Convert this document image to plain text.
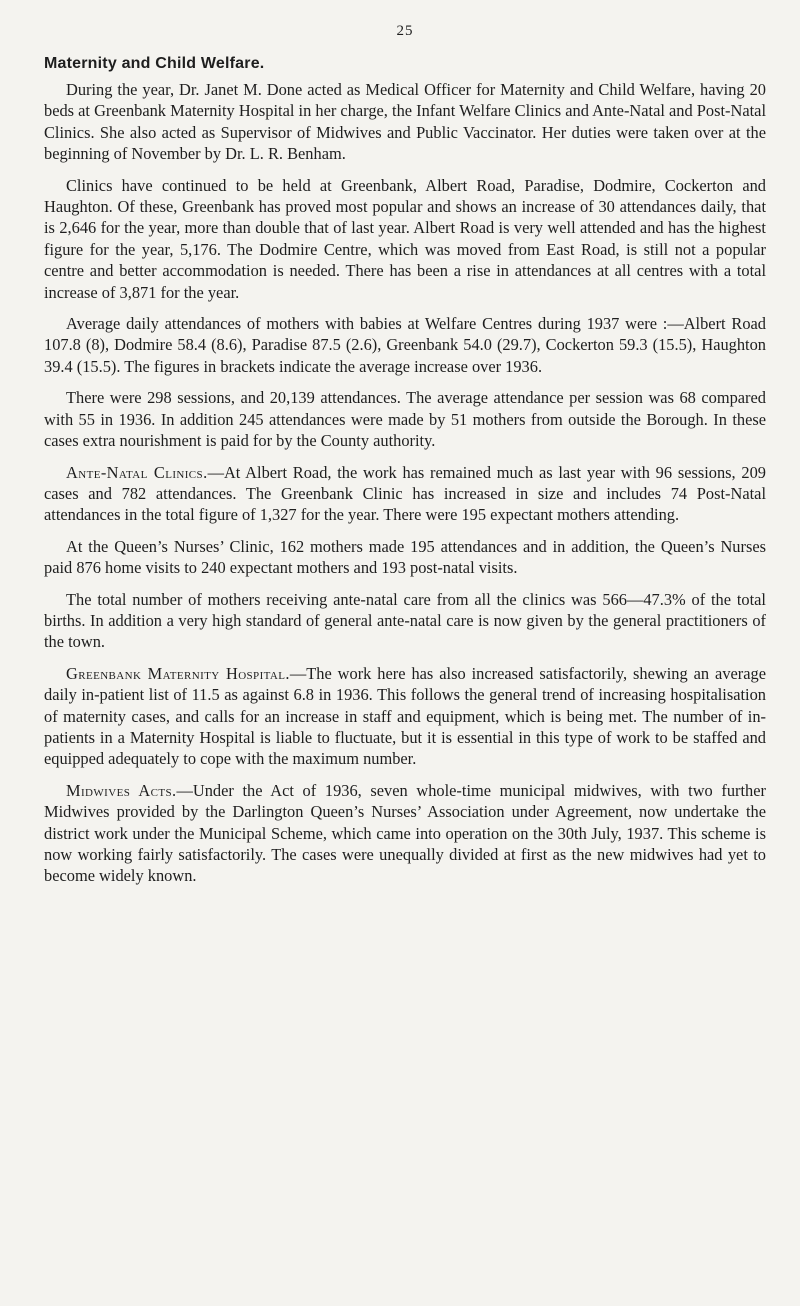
25
Maternity and Child Welfare.

During the year, Dr. Janet M. Done acted as Medical Officer for Maternity and Child Welfare, having 20 beds at Greenbank Maternity Hospital in her charge, the Infant Welfare Clinics and Ante-Natal and Post-Natal Clinics. She also acted as Supervisor of Midwives and Public Vaccinator. Her duties were taken over at the beginning of November by Dr. L. R. Benham.

Clinics have continued to be held at Greenbank, Albert Road, Paradise, Dodmire, Cockerton and Haughton. Of these, Greenbank has proved most popular and shows an increase of 30 attendances daily, that is 2,646 for the year, more than double that of last year. Albert Road is very well attended and has the highest figure for the year, 5,176. The Dodmire Centre, which was moved from East Road, is still not a popular centre and better accommodation is needed. There has been a rise in attendances at all centres with a total increase of 3,871 for the year.

Average daily attendances of mothers with babies at Welfare Centres during 1937 were :—Albert Road 107.8 (8), Dodmire 58.4 (8.6), Paradise 87.5 (2.6), Greenbank 54.0 (29.7), Cockerton 59.3 (15.5), Haughton 39.4 (15.5). The figures in brackets indicate the average increase over 1936.

There were 298 sessions, and 20,139 attendances. The average attendance per session was 68 compared with 55 in 1936. In addition 245 attendances were made by 51 mothers from outside the Borough. In these cases extra nourishment is paid for by the County authority.

Ante-Natal Clinics.—At Albert Road, the work has remained much as last year with 96 sessions, 209 cases and 782 attendances. The Greenbank Clinic has increased in size and includes 74 Post-Natal attendances in the total figure of 1,327 for the year. There were 195 expectant mothers attending.

At the Queen’s Nurses’ Clinic, 162 mothers made 195 attendances and in addition, the Queen’s Nurses paid 876 home visits to 240 expectant mothers and 193 post-natal visits.

The total number of mothers receiving ante-natal care from all the clinics was 566—47.3% of the total births. In addition a very high standard of general ante-natal care is now given by the general practitioners of the town.

Greenbank Maternity Hospital.—The work here has also increased satisfactorily, shewing an average daily in-patient list of 11.5 as against 6.8 in 1936. This follows the general trend of increasing hospitalisation of maternity cases, and calls for an increase in staff and equipment, which is being met. The number of in-patients in a Maternity Hospital is liable to fluctuate, but it is essential in this type of work to be staffed and equipped adequately to cope with the maximum number.

Midwives Acts.—Under the Act of 1936, seven whole-time municipal midwives, with two further Midwives provided by the Darlington Queen’s Nurses’ Association under Agreement, now undertake the district work under the Municipal Scheme, which came into operation on the 30th July, 1937. This scheme is now working fairly satisfactorily. The cases were unequally divided at first as the new midwives had yet to become widely known.
